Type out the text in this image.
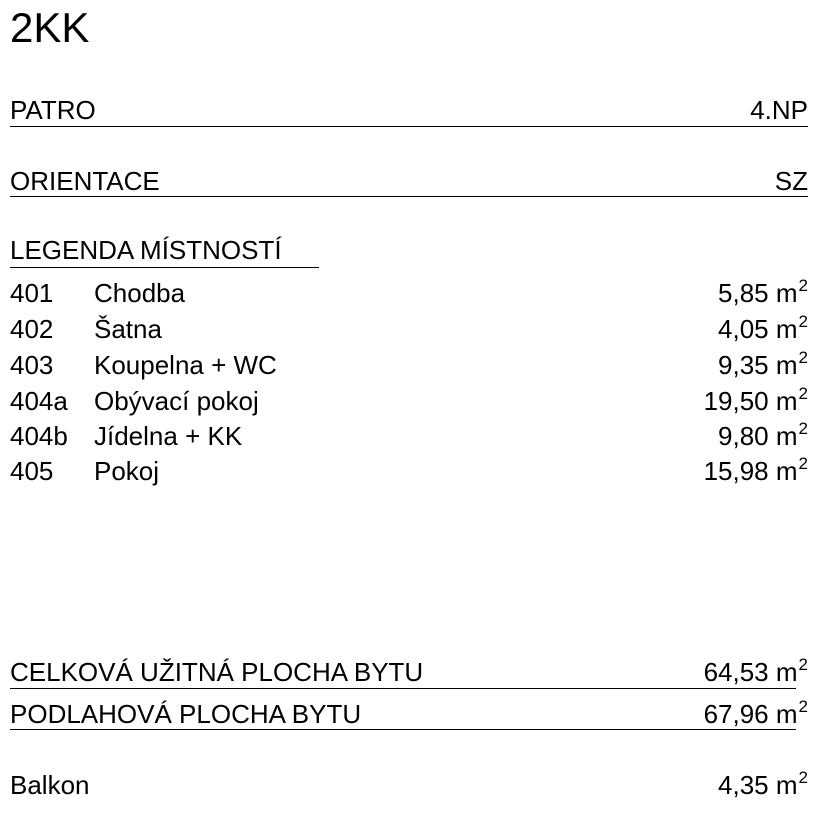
2KK
PATRO	4.NP
ORIENTACE	SZ
LEGENDA MÍSTNOSTÍ
401 Chodba	5,85 $m^2$
402 Šatna	4,05 $m^2$
403 Koupelna + WC	9,35 $m^2$
404a Obývací pokoj	19,50 $m^2$
404b Jídelna + KK	9,80 $m^2$
405 Pokoj	15,98 $m^2$
CELKOVÁ UŽITNÁ PLOCHA BYTU	64,53 $m^2$
PODLAHOVÁ PLOCHA BYTU	67,96 $m^2$
Balkon	4,35 $m^2$
